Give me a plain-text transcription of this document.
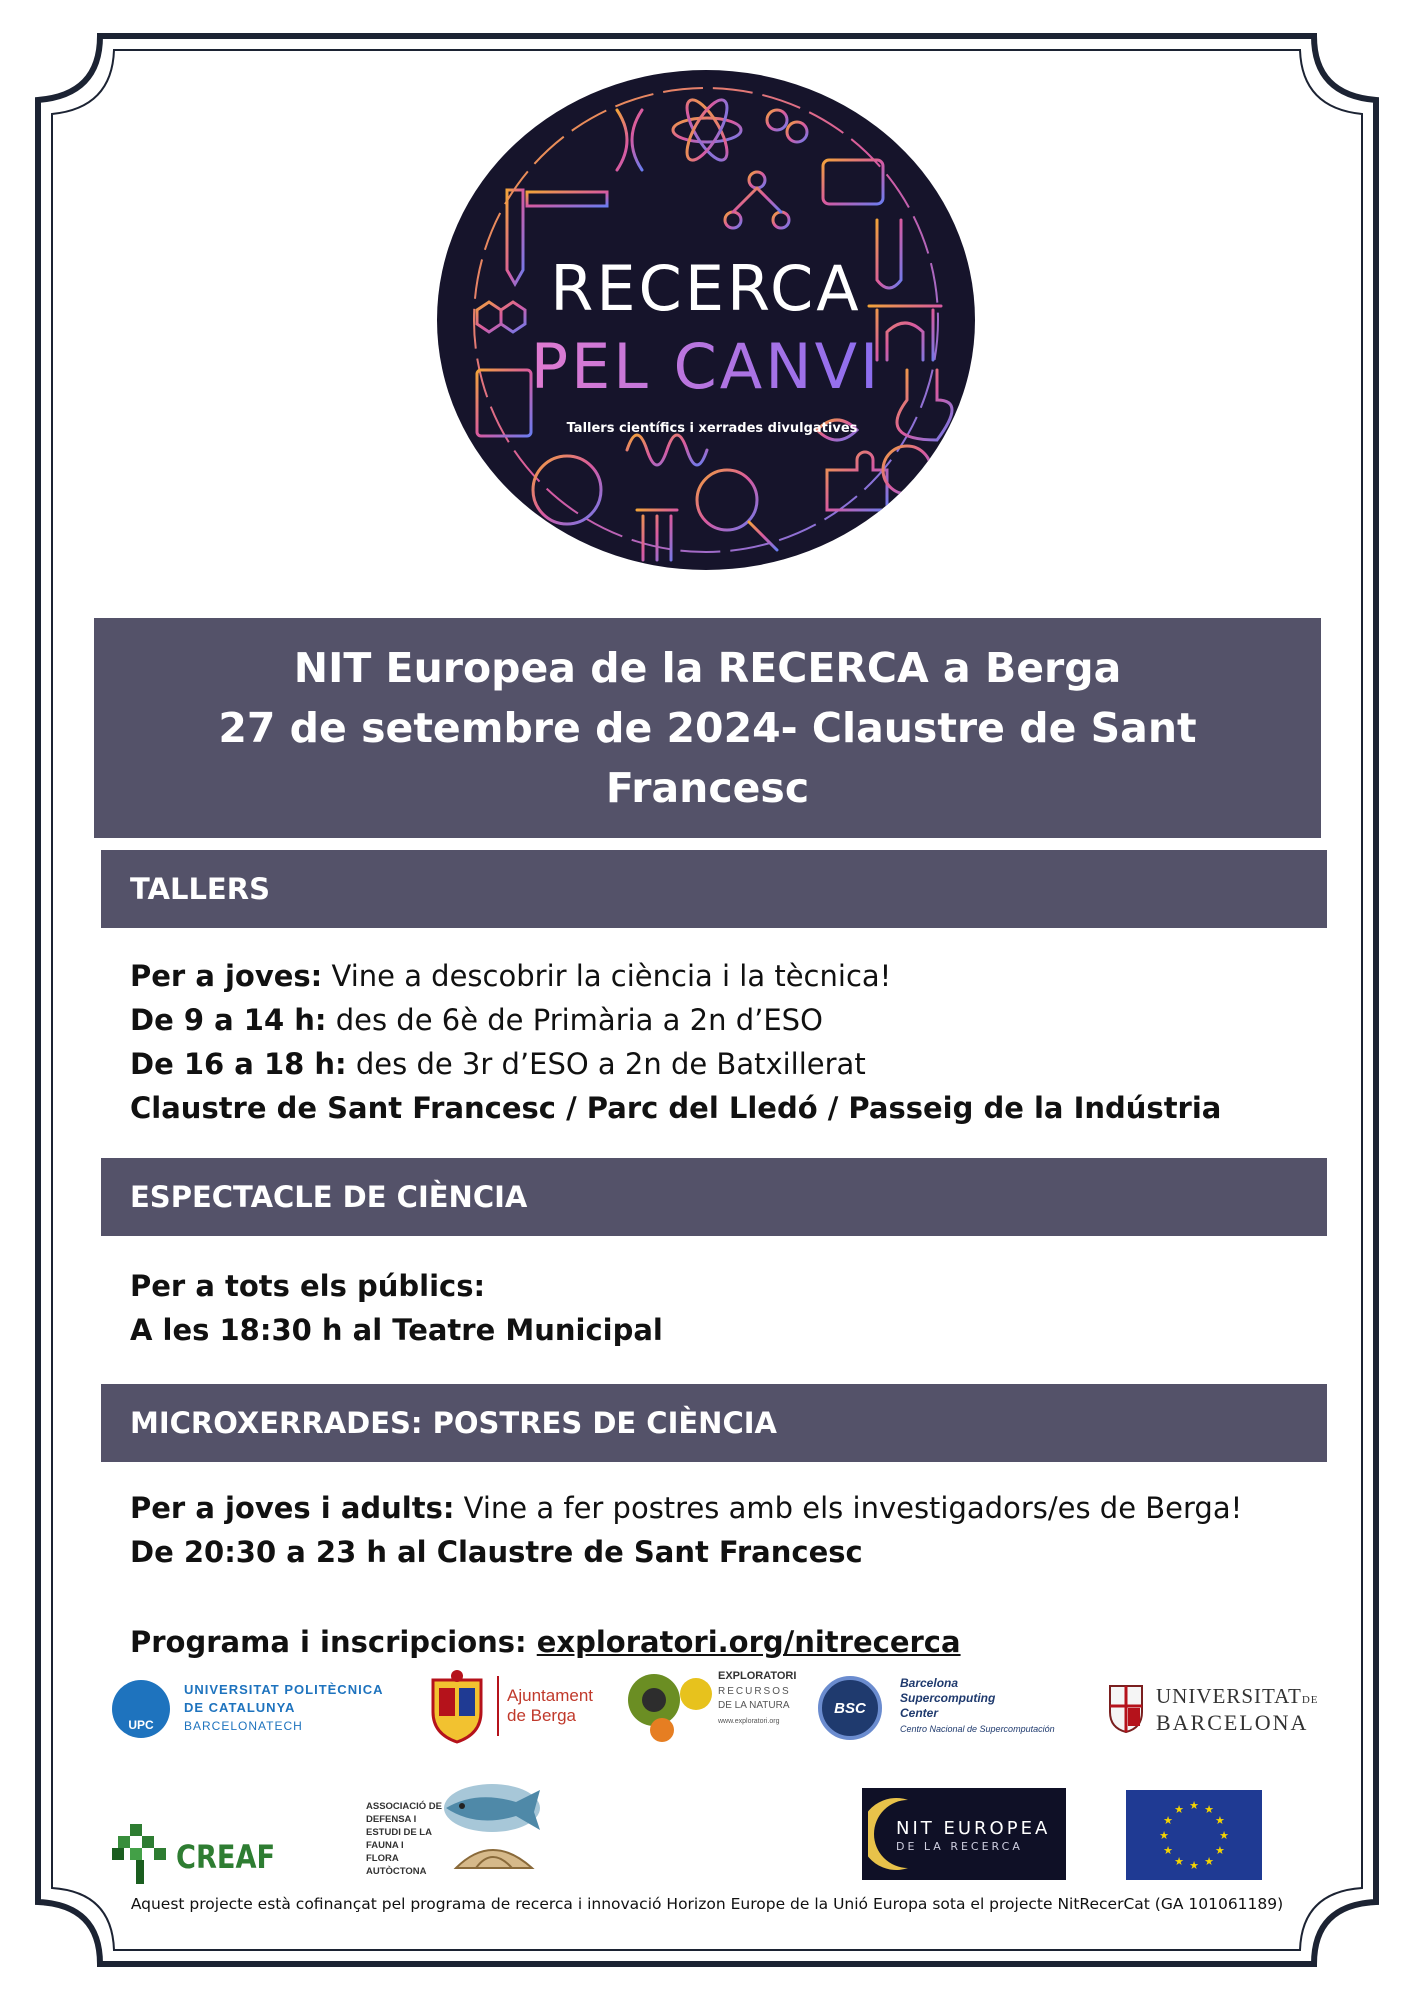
RECERCA
PEL CANVI
Tallers científics i xerrades divulgatives
NIT Europea de la RECERCA a Berga
27 de setembre de 2024- Claustre de Sant
Francesc
TALLERS
Per a joves: Vine a descobrir la ciència i la tècnica!
De 9 a 14 h: des de 6è de Primària a 2n d’ESO
De 16 a 18 h: des de 3r d’ESO a 2n de Batxillerat
Claustre de Sant Francesc / Parc del Lledó / Passeig de la Indústria
ESPECTACLE DE CIÈNCIA
Per a tots els públics:
A les 18:30 h al Teatre Municipal
MICROXERRADES: POSTRES DE CIÈNCIA
Per a joves i adults: Vine a fer postres amb els investigadors/es de Berga!
De 20:30 a 23 h al Claustre de Sant Francesc
Programa i inscripcions: exploratori.org/nitrecerca
UPC
UNIVERSITAT POLITÈCNICA
DE CATALUNYA
BARCELONATECH
Ajuntament
de Berga
EXPLORATORI
RECURSOS
DE LA NATURA
www.exploratori.org
BSC
Barcelona
Supercomputing
Center
Centro Nacional de Supercomputación
UNIVERSITATDE
BARCELONA
CREAF
ASSOCIACIÓ DE
DEFENSA I
ESTUDI DE LA
FAUNA I
FLORA
AUTÒCTONA
NIT EUROPEA
DE LA RECERCA
★ ★
★
★
★
★
★
★
★
★
★
★
Aquest projecte està cofinançat pel programa de recerca i innovació Horizon Europe de la Unió Europa sota el projecte NitRecerCat (GA 101061189)
